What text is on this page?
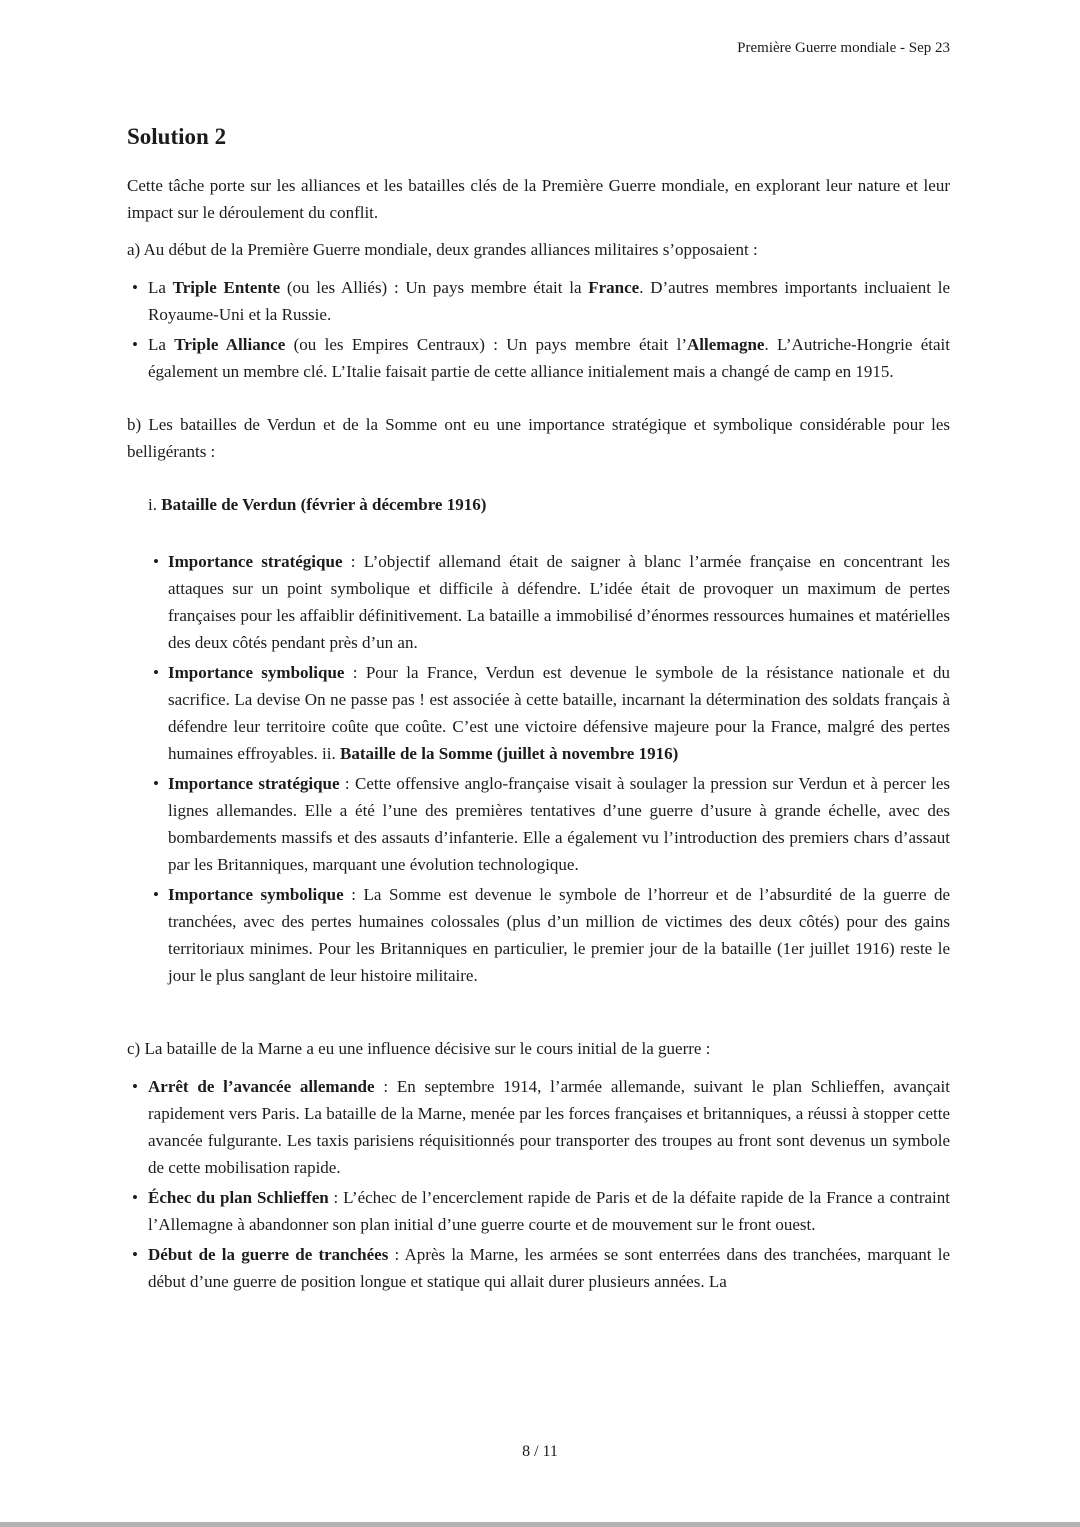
Première Guerre mondiale - Sep 23
Solution 2

Cette tâche porte sur les alliances et les batailles clés de la Première Guerre mondiale, en explorant leur nature et leur impact sur le déroulement du conflit.

a) Au début de la Première Guerre mondiale, deux grandes alliances militaires s’opposaient :

• La Triple Entente (ou les Alliés) : Un pays membre était la France. D’autres membres importants incluaient le Royaume-Uni et la Russie.
• La Triple Alliance (ou les Empires Centraux) : Un pays membre était l’Allemagne. L’Autriche-Hongrie était également un membre clé. L’Italie faisait partie de cette alliance initialement mais a changé de camp en 1915.

b) Les batailles de Verdun et de la Somme ont eu une importance stratégique et symbolique considérable pour les belligérants :

i. Bataille de Verdun (février à décembre 1916)

• Importance stratégique : L’objectif allemand était de saigner à blanc l’armée française en concentrant les attaques sur un point symbolique et difficile à défendre. L’idée était de provoquer un maximum de pertes françaises pour les affaiblir définitivement. La bataille a immobilisé d’énormes ressources humaines et matérielles des deux côtés pendant près d’un an.
• Importance symbolique : Pour la France, Verdun est devenue le symbole de la résistance nationale et du sacrifice. La devise On ne passe pas ! est associée à cette bataille, incarnant la détermination des soldats français à défendre leur territoire coûte que coûte. C’est une victoire défensive majeure pour la France, malgré des pertes humaines effroyables. ii. Bataille de la Somme (juillet à novembre 1916)
• Importance stratégique : Cette offensive anglo-française visait à soulager la pression sur Verdun et à percer les lignes allemandes. Elle a été l’une des premières tentatives d’une guerre d’usure à grande échelle, avec des bombardements massifs et des assauts d’infanterie. Elle a également vu l’introduction des premiers chars d’assaut par les Britanniques, marquant une évolution technologique.
• Importance symbolique : La Somme est devenue le symbole de l’horreur et de l’absurdité de la guerre de tranchées, avec des pertes humaines colossales (plus d’un million de victimes des deux côtés) pour des gains territoriaux minimes. Pour les Britanniques en particulier, le premier jour de la bataille (1er juillet 1916) reste le jour le plus sanglant de leur histoire militaire.

c) La bataille de la Marne a eu une influence décisive sur le cours initial de la guerre :

• Arrêt de l’avancée allemande : En septembre 1914, l’armée allemande, suivant le plan Schlieffen, avançait rapidement vers Paris. La bataille de la Marne, menée par les forces françaises et britanniques, a réussi à stopper cette avancée fulgurante. Les taxis parisiens réquisitionnés pour transporter des troupes au front sont devenus un symbole de cette mobilisation rapide.
• Échec du plan Schlieffen : L’échec de l’encerclement rapide de Paris et de la défaite rapide de la France a contraint l’Allemagne à abandonner son plan initial d’une guerre courte et de mouvement sur le front ouest.
• Début de la guerre de tranchées : Après la Marne, les armées se sont enterrées dans des tranchées, marquant le début d’une guerre de position longue et statique qui allait durer plusieurs années. La
8 / 11
